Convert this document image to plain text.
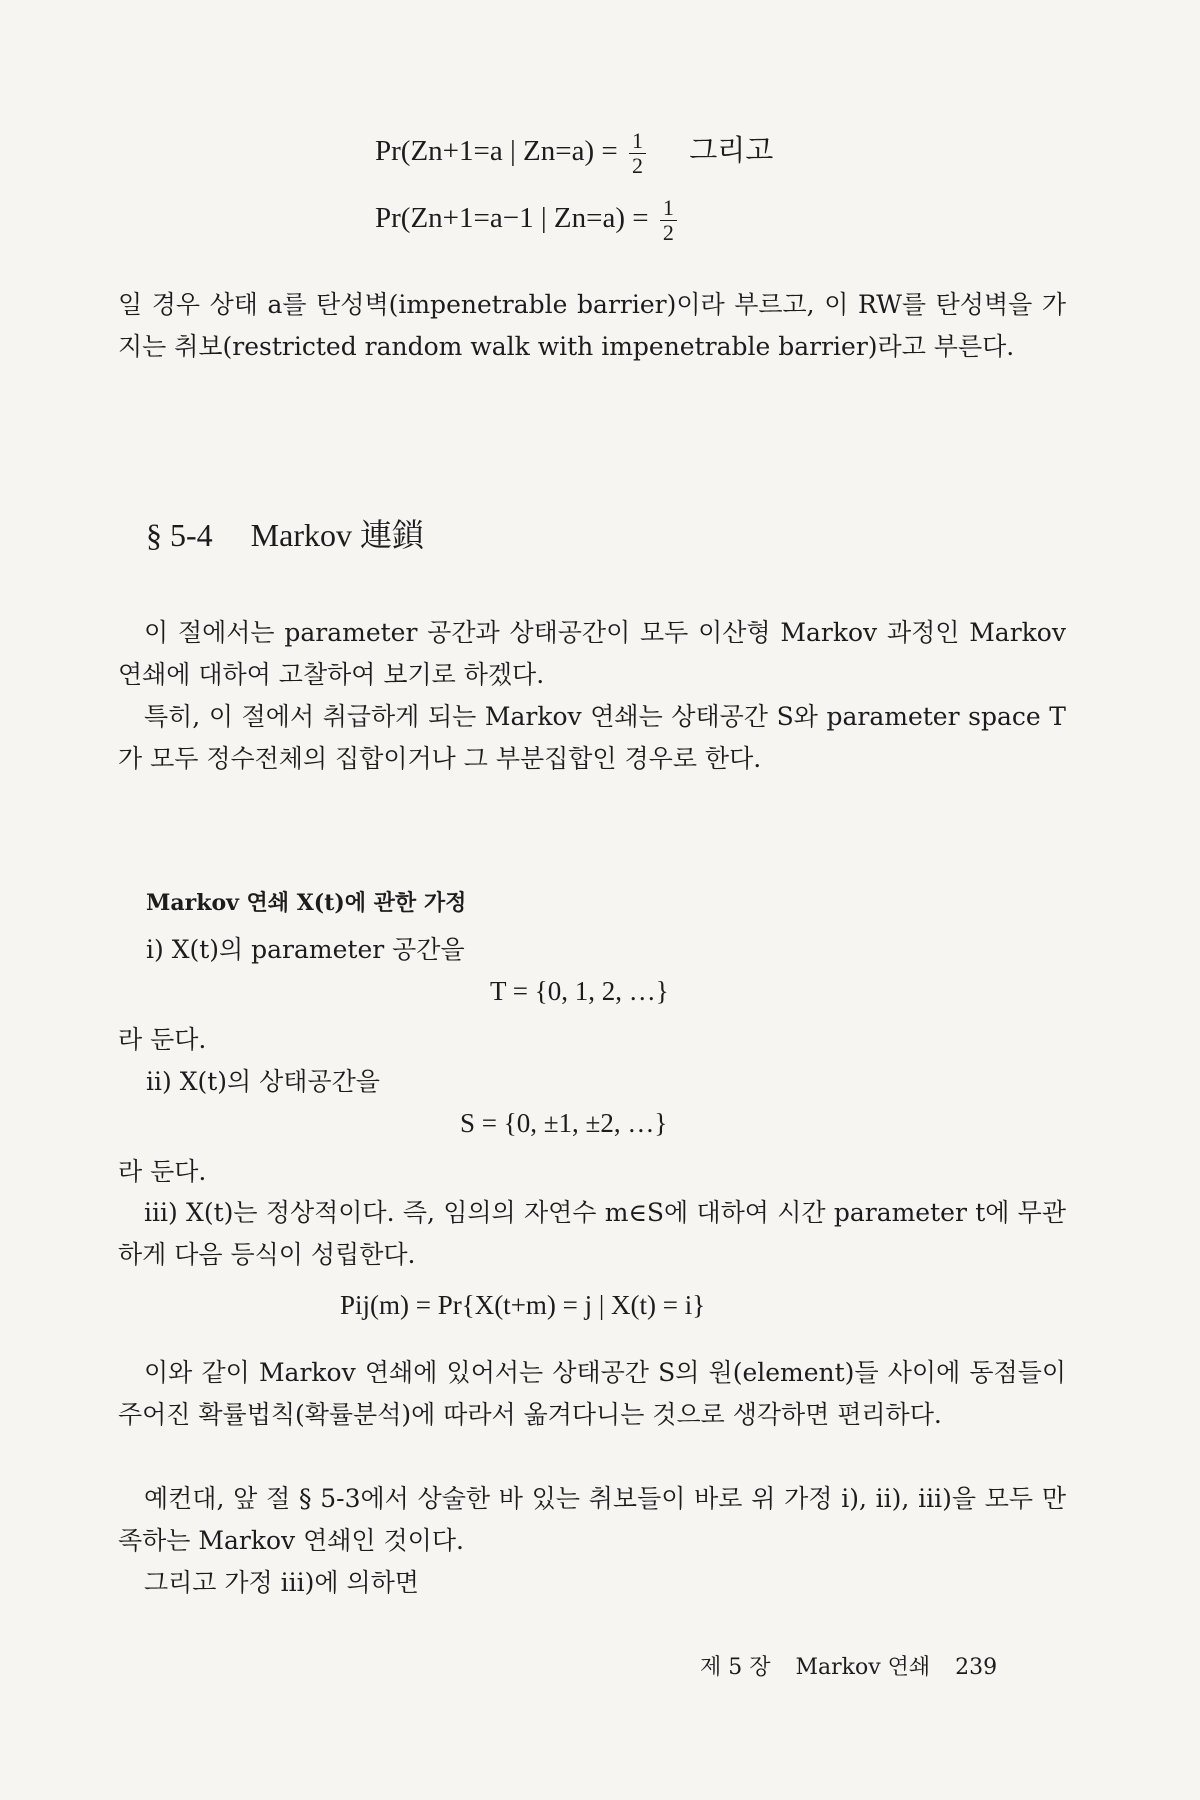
Pr(Zn+1=a | $Zn=a) = \frac{1}{2}$ 그리고
Pr(Zn+1=a−1 | $Zn=a) = \frac{1}{2}$

일 경우 상태 a를 탄성벽(impenetrable barrier)이라 부르고, 이 RW를 탄성벽을 가지는 취보(restricted random walk with impenetrable barrier)라고 부른다.

§ 5-4 Markov 連鎖

이 절에서는 parameter 공간과 상태공간이 모두 이산형 Markov 과정인 Markov 연쇄에 대하여 고찰하여 보기로 하겠다.

특히, 이 절에서 취급하게 되는 Markov 연쇄는 상태공간 S와 parameter space T가 모두 정수전체의 집합이거나 그 부분집합인 경우로 한다.

Markov 연쇄 X(t)에 관한 가정
i) X(t)의 parameter 공간을
T = {0, 1, 2, …}
라 둔다.
ii) X(t)의 상태공간을
S = {0, ±1, ±2, …}
라 둔다.

iii) X(t)는 정상적이다. 즉, 임의의 자연수 m∈S에 대하여 시간 parameter t에 무관하게 다음 등식이 성립한다.

Pij(m) = Pr{X(t+m) = j | X(t) = i}

이와 같이 Markov 연쇄에 있어서는 상태공간 S의 원(element)들 사이에 동점들이 주어진 확률법칙(확률분석)에 따라서 옮겨다니는 것으로 생각하면 편리하다.

예컨대, 앞 절 § 5-3에서 상술한 바 있는 취보들이 바로 위 가정 i), ii), iii)을 모두 만족하는 Markov 연쇄인 것이다.

그리고 가정 iii)에 의하면

제 5 장 Markov 연쇄 239
